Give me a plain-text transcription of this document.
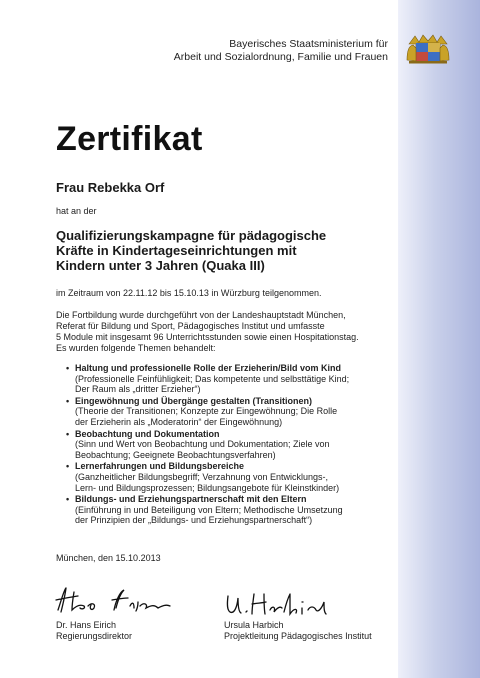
Bayerisches Staatsministerium für
Arbeit und Sozialordnung, Familie und Frauen
Zertifikat
Frau Rebekka Orf
hat an der
Qualifizierungskampagne für pädagogische
Kräfte in Kindertageseinrichtungen mit
Kindern unter 3 Jahren (Quaka III)
im Zeitraum von 22.11.12 bis 15.10.13 in Würzburg teilgenommen.
Die Fortbildung wurde durchgeführt von der Landeshauptstadt München,
Referat für Bildung und Sport, Pädagogisches Institut und umfasste
5 Module mit insgesamt 96 Unterrichtsstunden sowie einen Hospitationstag.
Es wurden folgende Themen behandelt:
• Haltung und professionelle Rolle der Erzieherin/Bild vom Kind
(Professionelle Feinfühligkeit; Das kompetente und selbsttätige Kind;
Der Raum als „dritter Erzieher“)
• Eingewöhnung und Übergänge gestalten (Transitionen)
(Theorie der Transitionen; Konzepte zur Eingewöhnung; Die Rolle
der Erzieherin als „Moderatorin“ der Eingewöhnung)
• Beobachtung und Dokumentation
(Sinn und Wert von Beobachtung und Dokumentation; Ziele von
Beobachtung; Geeignete Beobachtungsverfahren)
• Lernerfahrungen und Bildungsbereiche
(Ganzheitlicher Bildungsbegriff; Verzahnung von Entwicklungs-,
Lern- und Bildungsprozessen; Bildungsangebote für Kleinstkinder)
• Bildungs- und Erziehungspartnerschaft mit den Eltern
(Einführung in und Beteiligung von Eltern; Methodische Umsetzung
der Prinzipien der „Bildungs- und Erziehungspartnerschaft“)
München, den 15.10.2013
Dr. Hans Eirich
Regierungsdirektor
Ursula Harbich
Projektleitung Pädagogisches Institut
